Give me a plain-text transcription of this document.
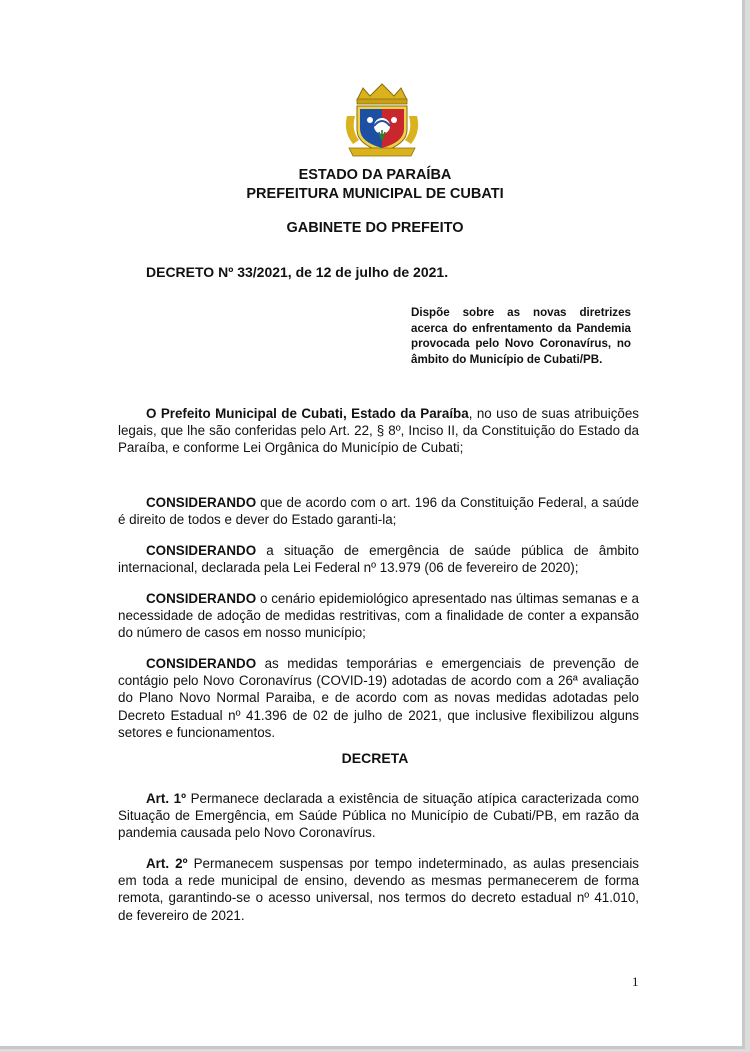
ESTADO DA PARAÍBA
PREFEITURA MUNICIPAL DE CUBATI
GABINETE DO PREFEITO
DECRETO Nº 33/2021, de 12 de julho de 2021.
Dispõe sobre as novas diretrizes acerca do enfrentamento da Pandemia provocada pelo Novo Coronavírus, no âmbito do Município de Cubati/PB.
O Prefeito Municipal de Cubati, Estado da Paraíba, no uso de suas atribuições legais, que lhe são conferidas pelo Art. 22, § 8º, Inciso II, da Constituição do Estado da Paraíba, e conforme Lei Orgânica do Município de Cubati;
CONSIDERANDO que de acordo com o art. 196 da Constituição Federal, a saúde é direito de todos e dever do Estado garanti-la;
CONSIDERANDO a situação de emergência de saúde pública de âmbito internacional, declarada pela Lei Federal nº 13.979 (06 de fevereiro de 2020);
CONSIDERANDO o cenário epidemiológico apresentado nas últimas semanas e a necessidade de adoção de medidas restritivas, com a finalidade de conter a expansão do número de casos em nosso município;
CONSIDERANDO as medidas temporárias e emergenciais de prevenção de contágio pelo Novo Coronavírus (COVID-19) adotadas de acordo com a 26ª avaliação do Plano Novo Normal Paraiba, e de acordo com as novas medidas adotadas pelo Decreto Estadual nº 41.396 de 02 de julho de 2021, que inclusive flexibilizou alguns setores e funcionamentos.
DECRETA
Art. 1º Permanece declarada a existência de situação atípica caracterizada como Situação de Emergência, em Saúde Pública no Município de Cubati/PB, em razão da pandemia causada pelo Novo Coronavírus.
Art. 2º Permanecem suspensas por tempo indeterminado, as aulas presenciais em toda a rede municipal de ensino, devendo as mesmas permanecerem de forma remota, garantindo-se o acesso universal, nos termos do decreto estadual nº 41.010, de fevereiro de 2021.
1
